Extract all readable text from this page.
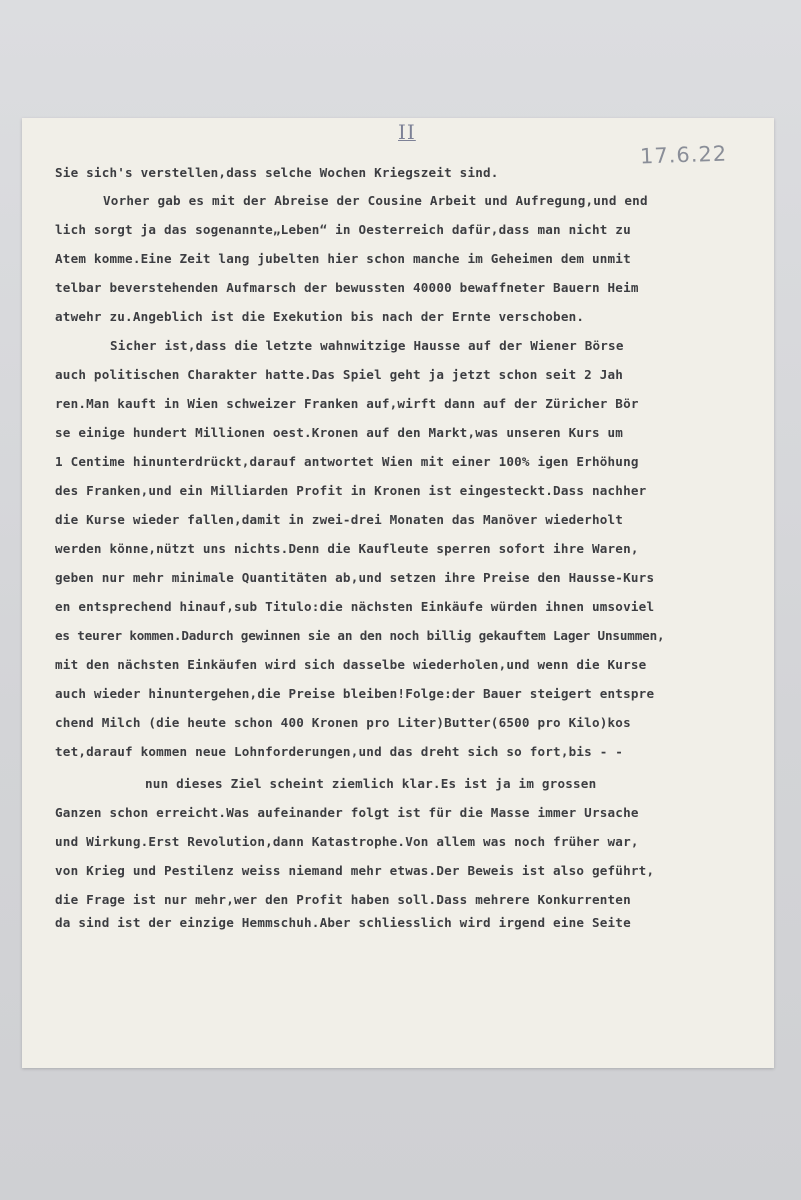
II
17.6.22
Sie sich's verstellen,dass selche Wochen Kriegszeit sind.
Vorher gab es mit der Abreise der Cousine Arbeit und Aufregung,und end
lich sorgt ja das sogenannte„Leben“ in Oesterreich dafür,dass man nicht zu
Atem komme.Eine Zeit lang jubelten hier schon manche im Geheimen dem unmit
telbar beverstehenden Aufmarsch der bewussten 40000 bewaffneter Bauern Heim
atwehr zu.Angeblich ist die Exekution bis nach der Ernte verschoben.
Sicher ist,dass die letzte wahnwitzige Hausse auf der Wiener Börse
auch politischen Charakter hatte.Das Spiel geht ja jetzt schon seit 2 Jah
ren.Man kauft in Wien schweizer Franken auf,wirft dann auf der Züricher Bör
se einige hundert Millionen oest.Kronen auf den Markt,was unseren Kurs um
1 Centime hinunterdrückt,darauf antwortet Wien mit einer 100% igen Erhöhung
des Franken,und ein Milliarden Profit in Kronen ist eingesteckt.Dass nachher
die Kurse wieder fallen,damit in zwei-drei Monaten das Manöver wiederholt
werden könne,nützt uns nichts.Denn die Kaufleute sperren sofort ihre Waren,
geben nur mehr minimale Quantitäten ab,und setzen ihre Preise den Hausse-Kurs
en entsprechend hinauf,sub Titulo:die nächsten Einkäufe würden ihnen umsoviel
es teurer kommen.Dadurch gewinnen sie an den noch billig gekauftem Lager Unsummen,
mit den nächsten Einkäufen wird sich dasselbe wiederholen,und wenn die Kurse
auch wieder hinuntergehen,die Preise bleiben!Folge:der Bauer steigert entspre
chend Milch (die heute schon 400 Kronen pro Liter)Butter(6500 pro Kilo)kos
tet,darauf kommen neue Lohnforderungen,und das dreht sich so fort,bis - -
nun dieses Ziel scheint ziemlich klar.Es ist ja im grossen
Ganzen schon erreicht.Was aufeinander folgt ist für die Masse immer Ursache
und Wirkung.Erst Revolution,dann Katastrophe.Von allem was noch früher war,
von Krieg und Pestilenz weiss niemand mehr etwas.Der Beweis ist also geführt,
die Frage ist nur mehr,wer den Profit haben soll.Dass mehrere Konkurrenten
da sind ist der einzige Hemmschuh.Aber schliesslich wird irgend eine Seite
